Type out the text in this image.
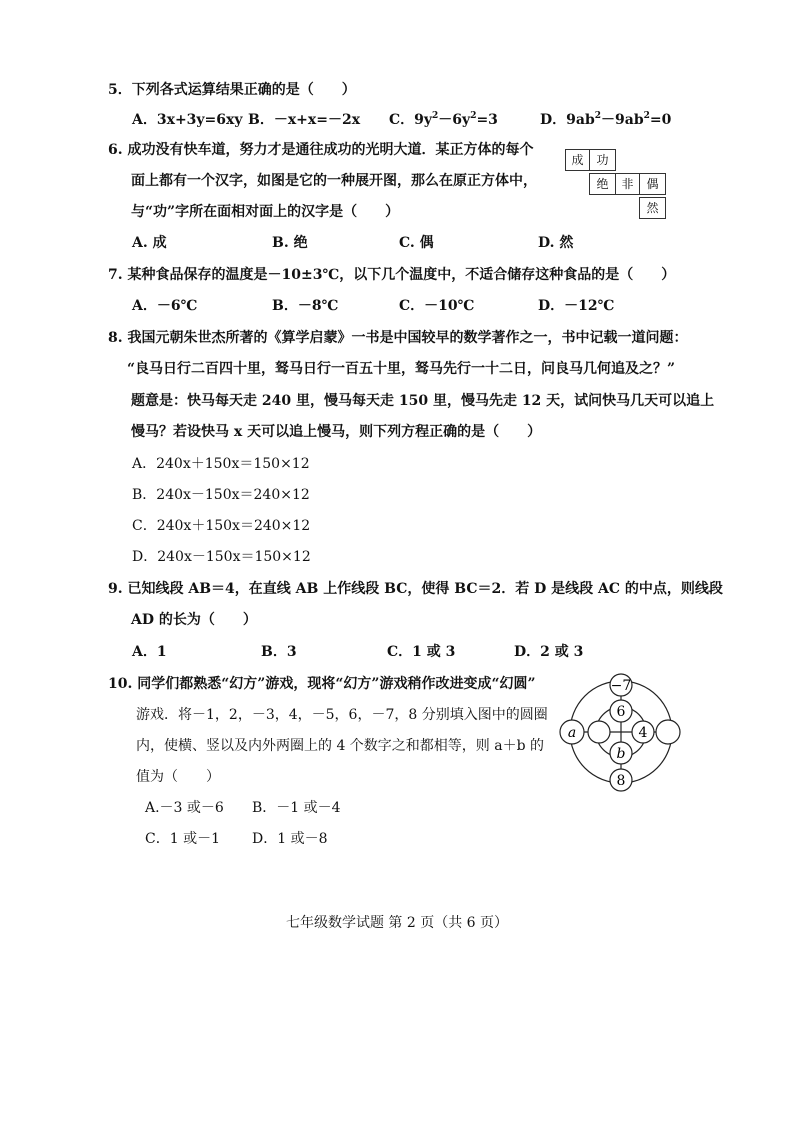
5．下列各式运算结果正确的是（　　）
A．3x+3y=6xy B．－x+x=－2x C．$9y^2-6y^2=3$	D．$9ab^2-9ab^2=0$
6. 成功没有快车道，努力才是通往成功的光明大道．某正方体的每个
面上都有一个汉字，如图是它的一种展开图，那么在原正方体中，
与“功”字所在面相对面上的汉字是（　　）
成	功
绝	非	偶
然
A. 成	B. 绝	C. 偶	D. 然
7. 某种食品保存的温度是－10±3℃，以下几个温度中，不适合储存这种食品的是（　　）
A．－6℃	B．－8℃	C．－10℃	D．－12℃
8. 我国元朝朱世杰所著的《算学启蒙》一书是中国较早的数学著作之一，书中记载一道问题：
“良马日行二百四十里，驽马日行一百五十里，驽马先行一十二日，问良马几何追及之？”
题意是：快马每天走 240 里，慢马每天走 150 里，慢马先走 12 天，试问快马几天可以追上
慢马？若设快马 x 天可以追上慢马，则下列方程正确的是（　　）
A．240x＋150x＝150×12
B．240x－150x＝240×12
C．240x＋150x＝240×12
D．240x－150x＝150×12
9. 已知线段 AB＝4，在直线 AB 上作线段 BC，使得 BC＝2．若 D 是线段 AC 的中点，则线段
AD 的长为（　　）
A．1	B．3	C．1 或 3	D．2 或 3
10. 同学们都熟悉“幻方”游戏，现将“幻方”游戏稍作改进变成“幻圆”
游戏．将－1，2，－3，4，－5，6，－7，8 分别填入图中的圆圈
内，使横、竖以及内外两圈上的 4 个数字之和都相等，则 a＋b 的
值为（　　）
A.－3 或－6 B．－1 或－4
C．1 或－1 D．1 或－8
−7
6
4
b
8
a
七年级数学试题 第 2 页（共 6 页）
